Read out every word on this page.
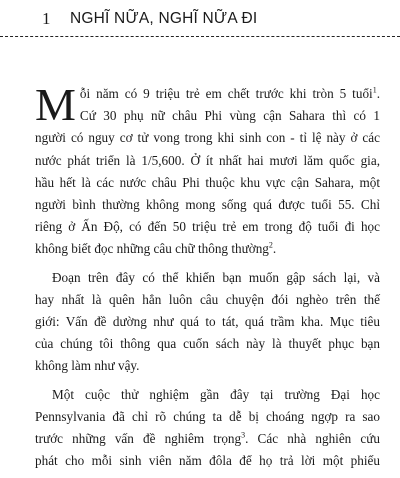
1 NGHĨ NỮA, NGHĨ NỮA ĐI
M ỗi năm có 9 triệu trẻ em chết trước khi tròn 5 tuổi$^1$.
Cứ 30 phụ nữ châu Phi vùng cận Sahara thì có 1
người có nguy cơ tử vong trong khi sinh con - tỉ lệ này ở các
nước phát triển là 1/5,600. Ở ít nhất hai mươi lăm quốc gia,
hầu hết là các nước châu Phi thuộc khu vực cận Sahara, một
người bình thường không mong sống quá được tuổi 55. Chỉ
riêng ở Ấn Độ, có đến 50 triệu trẻ em trong độ tuổi đi học
không biết đọc những câu chữ thông thường$^2$.
Đoạn trên đây có thể khiến bạn muốn gập sách lại, và
hay nhất là quên hẳn luôn câu chuyện đói nghèo trên thế
giới: Vấn đề dường như quá to tát, quá trầm kha. Mục tiêu
của chúng tôi thông qua cuốn sách này là thuyết phục bạn
không làm như vậy.
Một cuộc thử nghiệm gần đây tại trường Đại học
Pennsylvania đã chỉ rõ chúng ta dễ bị choáng ngợp ra sao
trước những vấn đề nghiêm trọng$^3$. Các nhà nghiên cứu
phát cho mỗi sinh viên năm đôla để họ trả lời một phiếu
